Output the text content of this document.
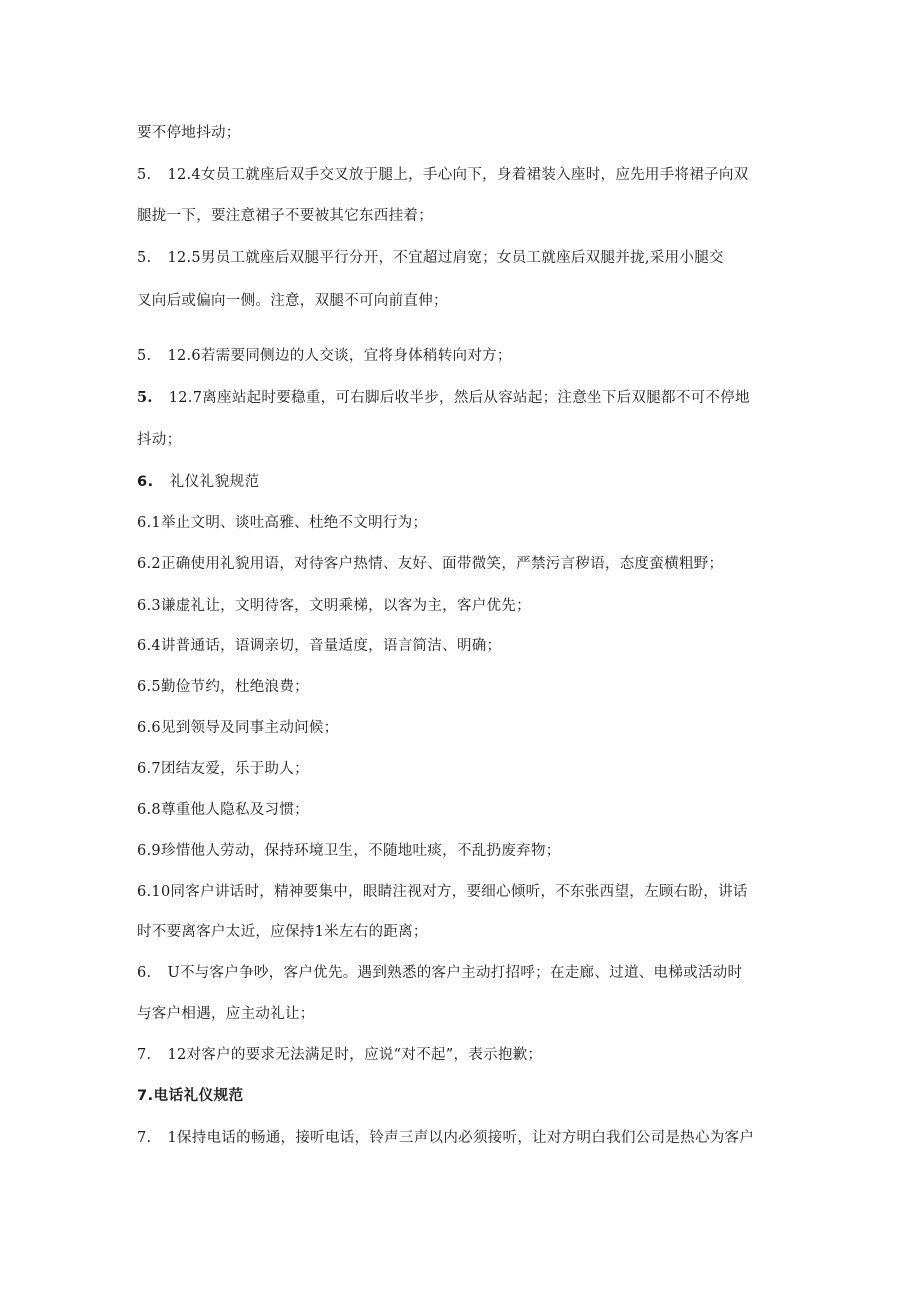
要不停地抖动；
5. 12.4女员工就座后双手交叉放于腿上，手心向下，身着裙装入座时，应先用手将裙子向双
腿拢一下，要注意裙子不要被其它东西挂着；
5. 12.5男员工就座后双腿平行分开，不宜超过肩宽；女员工就座后双腿并拢,采用小腿交
叉向后或偏向一侧。注意，双腿不可向前直伸；
5. 12.6若需要同侧边的人交谈，宜将身体稍转向对方；
5. 12.7离座站起时要稳重，可右脚后收半步，然后从容站起；注意坐下后双腿都不可不停地
抖动；
6. 礼仪礼貌规范
6.1举止文明、谈吐高雅、杜绝不文明行为；
6.2正确使用礼貌用语，对待客户热情、友好、面带微笑，严禁污言秽语，态度蛮横粗野；
6.3谦虚礼让，文明待客，文明乘梯，以客为主，客户优先；
6.4讲普通话，语调亲切，音量适度，语言简洁、明确；
6.5勤俭节约，杜绝浪费；
6.6见到领导及同事主动问候；
6.7团结友爱，乐于助人；
6.8尊重他人隐私及习惯；
6.9珍惜他人劳动，保持环境卫生，不随地吐痰，不乱扔废弃物；
6.10同客户讲话时，精神要集中，眼睛注视对方，要细心倾听，不东张西望，左顾右盼，讲话
时不要离客户太近，应保持1米左右的距离；
6. U不与客户争吵，客户优先。遇到熟悉的客户主动打招呼；在走廊、过道、电梯或活动时
与客户相遇，应主动礼让；
7. 12对客户的要求无法满足时，应说“对不起”，表示抱歉；
7.电话礼仪规范
7. 1保持电话的畅通，接听电话，铃声三声以内必须接听，让对方明白我们公司是热心为客户
